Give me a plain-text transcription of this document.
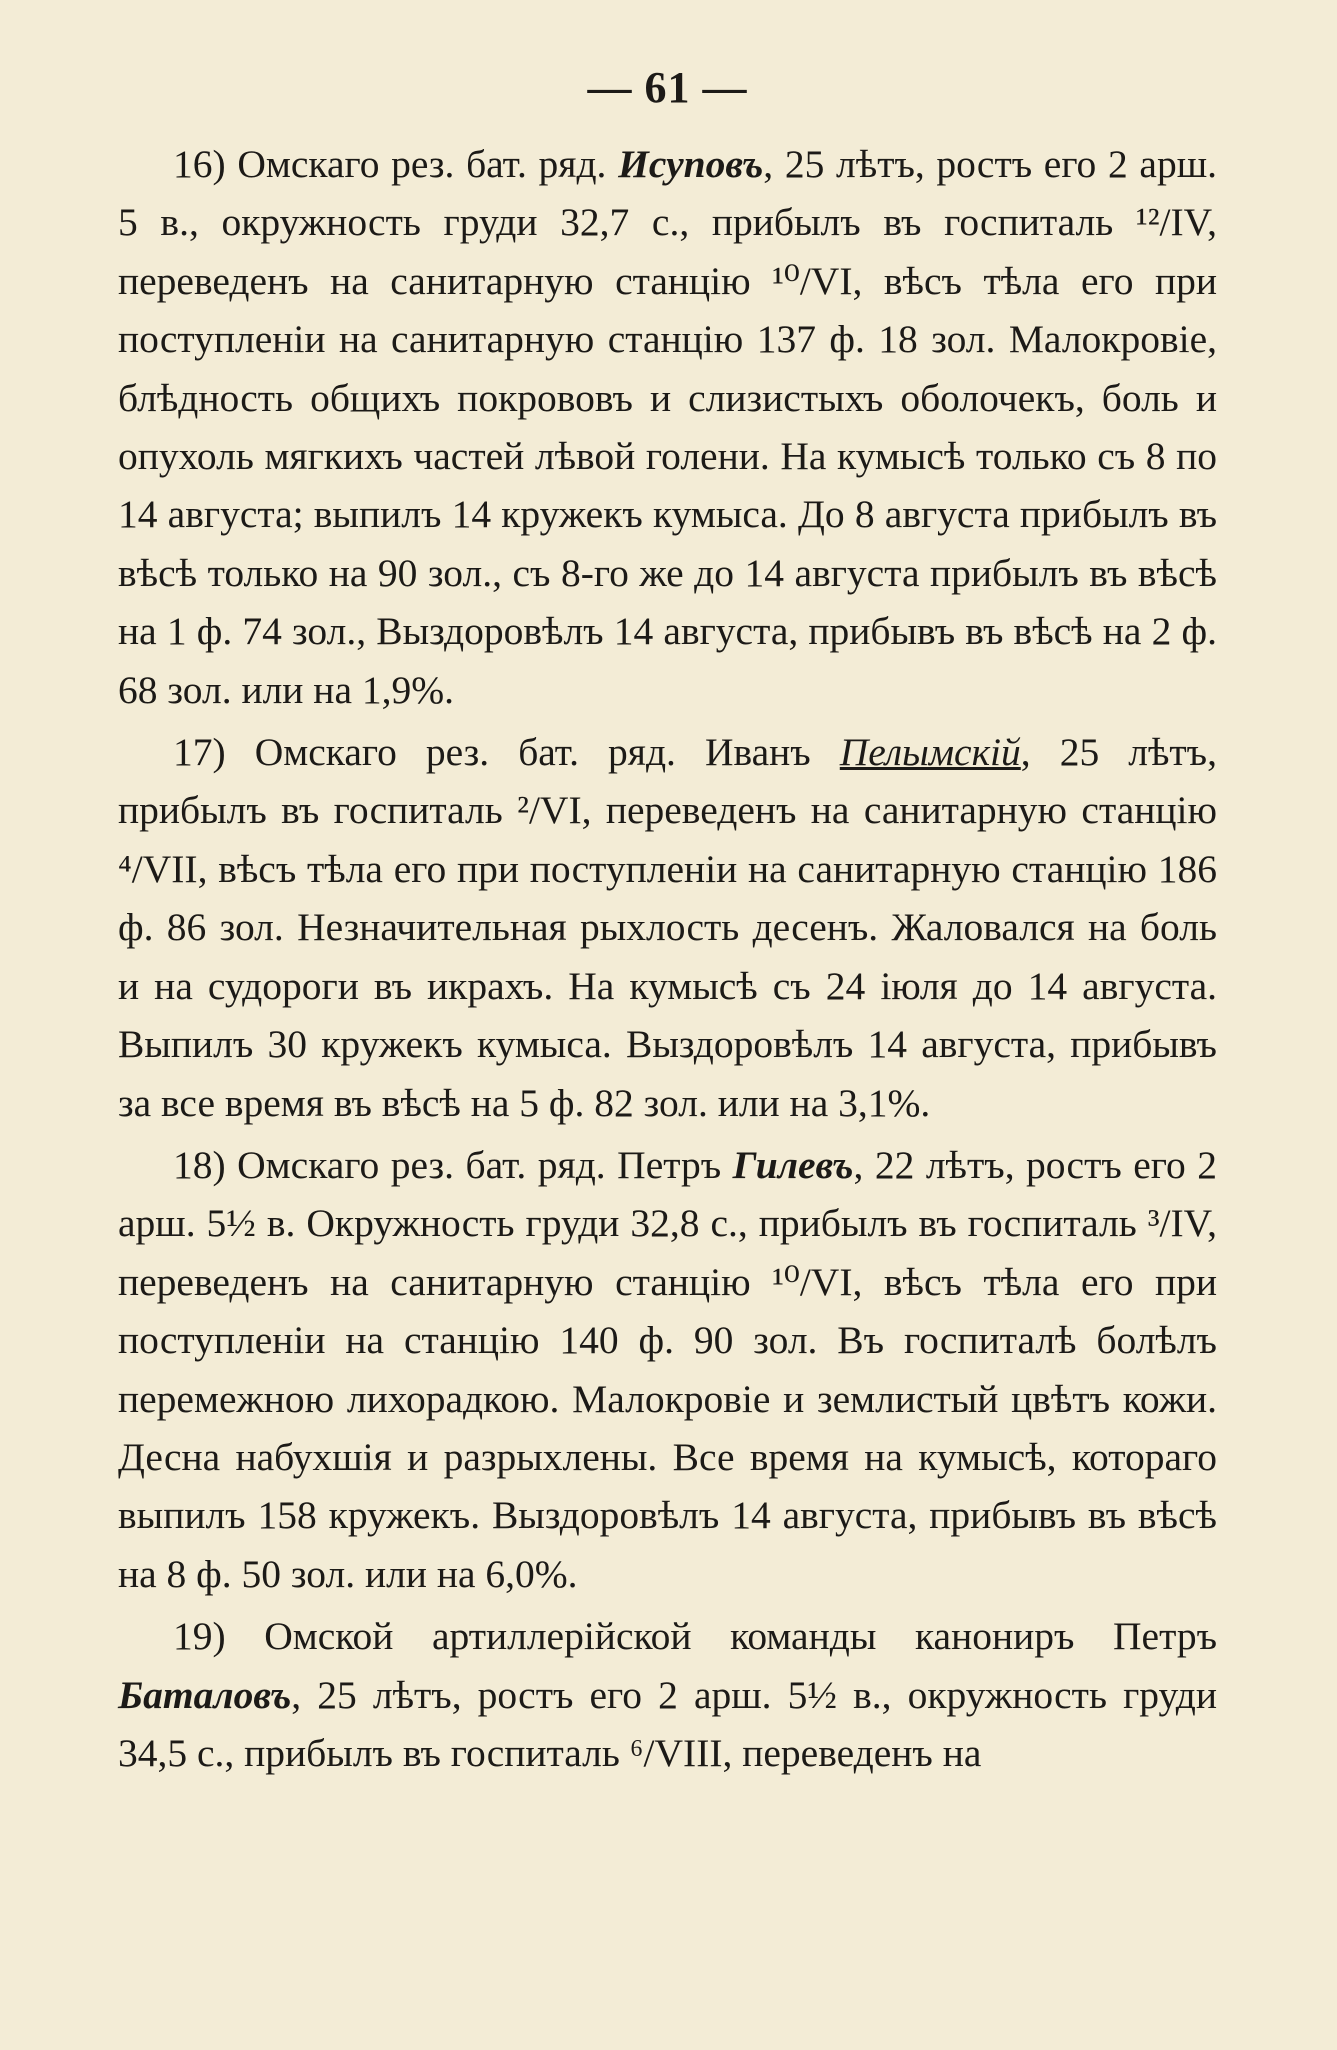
— 61 —

16) Омскаго рез. бат. ряд. Исуповъ, 25 лѣтъ, ростъ его 2 арш. 5 в., окружность груди 32,7 с., прибылъ въ госпиталь ¹²/IV, переведенъ на санитарную станцію ¹⁰/VI, вѣсъ тѣла его при поступленіи на санитарную станцію 137 ф. 18 зол. Малокровіе, блѣдность общихъ покрововъ и слизистыхъ оболочекъ, боль и опухоль мягкихъ частей лѣвой голени. На кумысѣ только съ 8 по 14 августа; выпилъ 14 кружекъ кумыса. До 8 августа прибылъ въ вѣсѣ только на 90 зол., съ 8-го же до 14 августа прибылъ въ вѣсѣ на 1 ф. 74 зол., Выздоровѣлъ 14 августа, прибывъ въ вѣсѣ на 2 ф. 68 зол. или на 1,9%.

17) Омскаго рез. бат. ряд. Иванъ Пелымскій, 25 лѣтъ, прибылъ въ госпиталь ²/VI, переведенъ на санитарную станцію ⁴/VII, вѣсъ тѣла его при поступленіи на санитарную станцію 186 ф. 86 зол. Незначительная рыхлость десенъ. Жаловался на боль и на судороги въ икрахъ. На кумысѣ съ 24 іюля до 14 августа. Выпилъ 30 кружекъ кумыса. Выздоровѣлъ 14 августа, прибывъ за все время въ вѣсѣ на 5 ф. 82 зол. или на 3,1%.

18) Омскаго рез. бат. ряд. Петръ Гилевъ, 22 лѣтъ, ростъ его 2 арш. 5½ в. Окружность груди 32,8 с., прибылъ въ госпиталь ³/IV, переведенъ на санитарную станцію ¹⁰/VI, вѣсъ тѣла его при поступленіи на станцію 140 ф. 90 зол. Въ госпиталѣ болѣлъ перемежною лихорадкою. Малокровіе и землистый цвѣтъ кожи. Десна набухшія и разрыхлены. Все время на кумысѣ, котораго выпилъ 158 кружекъ. Выздоровѣлъ 14 августа, прибывъ въ вѣсѣ на 8 ф. 50 зол. или на 6,0%.

19) Омской артиллерійской команды канониръ Петръ Баталовъ, 25 лѣтъ, ростъ его 2 арш. 5½ в., окружность груди 34,5 с., прибылъ въ госпиталь ⁶/VIII, переведенъ на
